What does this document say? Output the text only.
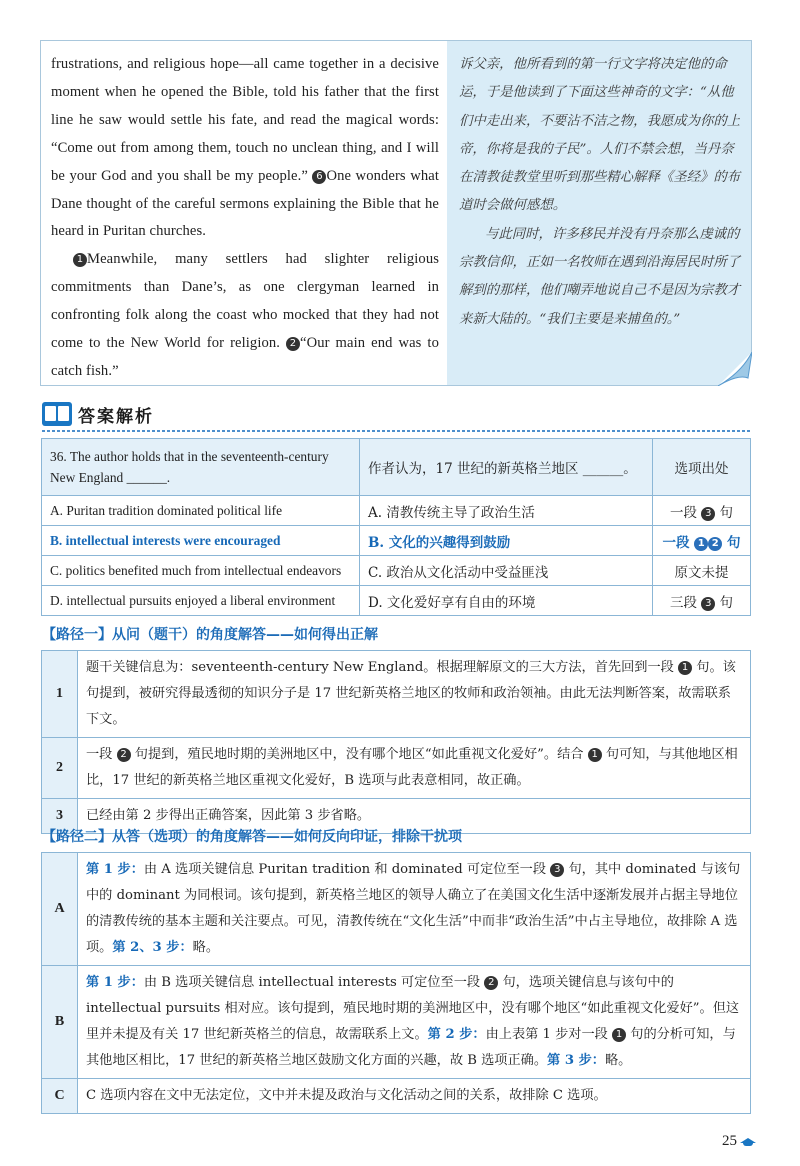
frustrations, and religious hope—all came together in a decisive moment when he opened the Bible, told his father that the first line he saw would settle his fate, and read the magical words: “Come out from among them, touch no unclean thing, and I will be your God and you shall be my people.” 6 One wonders what Dane thought of the careful sermons explaining the Bible that he heard in Puritan churches.

1 Meanwhile, many settlers had slighter religious commitments than Dane’s, as one clergyman learned in confronting folk along the coast who mocked that they had not come to the New World for religion. 2 “Our main end was to catch fish.”

诉父亲，他所看到的第一行文字将决定他的命运，于是他读到了下面这些神奇的文字：“从他们中走出来，不要沾不洁之物，我愿成为你的上帝，你将是我的子民”。人们不禁会想，当丹奈在清教徒教堂里听到那些精心解释《圣经》的布道时会做何感想。

与此同时，许多移民并没有丹奈那么虔诚的宗教信仰，正如一名牧师在遇到沿海居民时所了解到的那样，他们嘲弄地说自己不是因为宗教才来新大陆的。“我们主要是来捕鱼的。”

答案解析
36. The author holds that in the seventeenth-century New England ______.	作者认为，17 世纪的新英格兰地区 ______。	选项出处
A. Puritan tradition dominated political life	A. 清教传统主导了政治生活	一段 3 句
B. intellectual interests were encouraged	B. 文化的兴趣得到鼓励	一段 1 2 句
C. politics benefited much from intellectual endeavors	C. 政治从文化活动中受益匪浅	原文未提
D. intellectual pursuits enjoyed a liberal environment	D. 文化爱好享有自由的环境	三段 3 句
【路径一】从问（题干）的角度解答——如何得出正解
1	题干关键信息为：seventeenth-century New England。根据理解原文的三大方法，首先回到一段 1 句。该句提到，被研究得最透彻的知识分子是 17 世纪新英格兰地区的牧师和政治领袖。由此无法判断答案，故需联系下文。
2	一段 2 句提到，殖民地时期的美洲地区中，没有哪个地区“如此重视文化爱好”。结合 1 句可知，与其他地区相比，17 世纪的新英格兰地区重视文化爱好，B 选项与此表意相同，故正确。
3	已经由第 2 步得出正确答案，因此第 3 步省略。
【路径二】从答（选项）的角度解答——如何反向印证，排除干扰项
A	第 1 步：由 A 选项关键信息 Puritan tradition 和 dominated 可定位至一段 3 句，其中 dominated 与该句中的 dominant 为同根词。该句提到，新英格兰地区的领导人确立了在美国文化生活中逐渐发展并占据主导地位的清教传统的基本主题和关注要点。可见，清教传统在“文化生活”中而非“政治生活”中占主导地位，故排除 A 选项。第 2、3 步：略。
B	第 1 步：由 B 选项关键信息 intellectual interests 可定位至一段 2 句，选项关键信息与该句中的 intellectual pursuits 相对应。该句提到，殖民地时期的美洲地区中，没有哪个地区“如此重视文化爱好”。但这里并未提及有关 17 世纪新英格兰的信息，故需联系上文。第 2 步：由上表第 1 步对一段 1 句的分析可知，与其他地区相比，17 世纪的新英格兰地区鼓励文化方面的兴趣，故 B 选项正确。第 3 步：略。
C	C 选项内容在文中无法定位，文中并未提及政治与文化活动之间的关系，故排除 C 选项。
25
